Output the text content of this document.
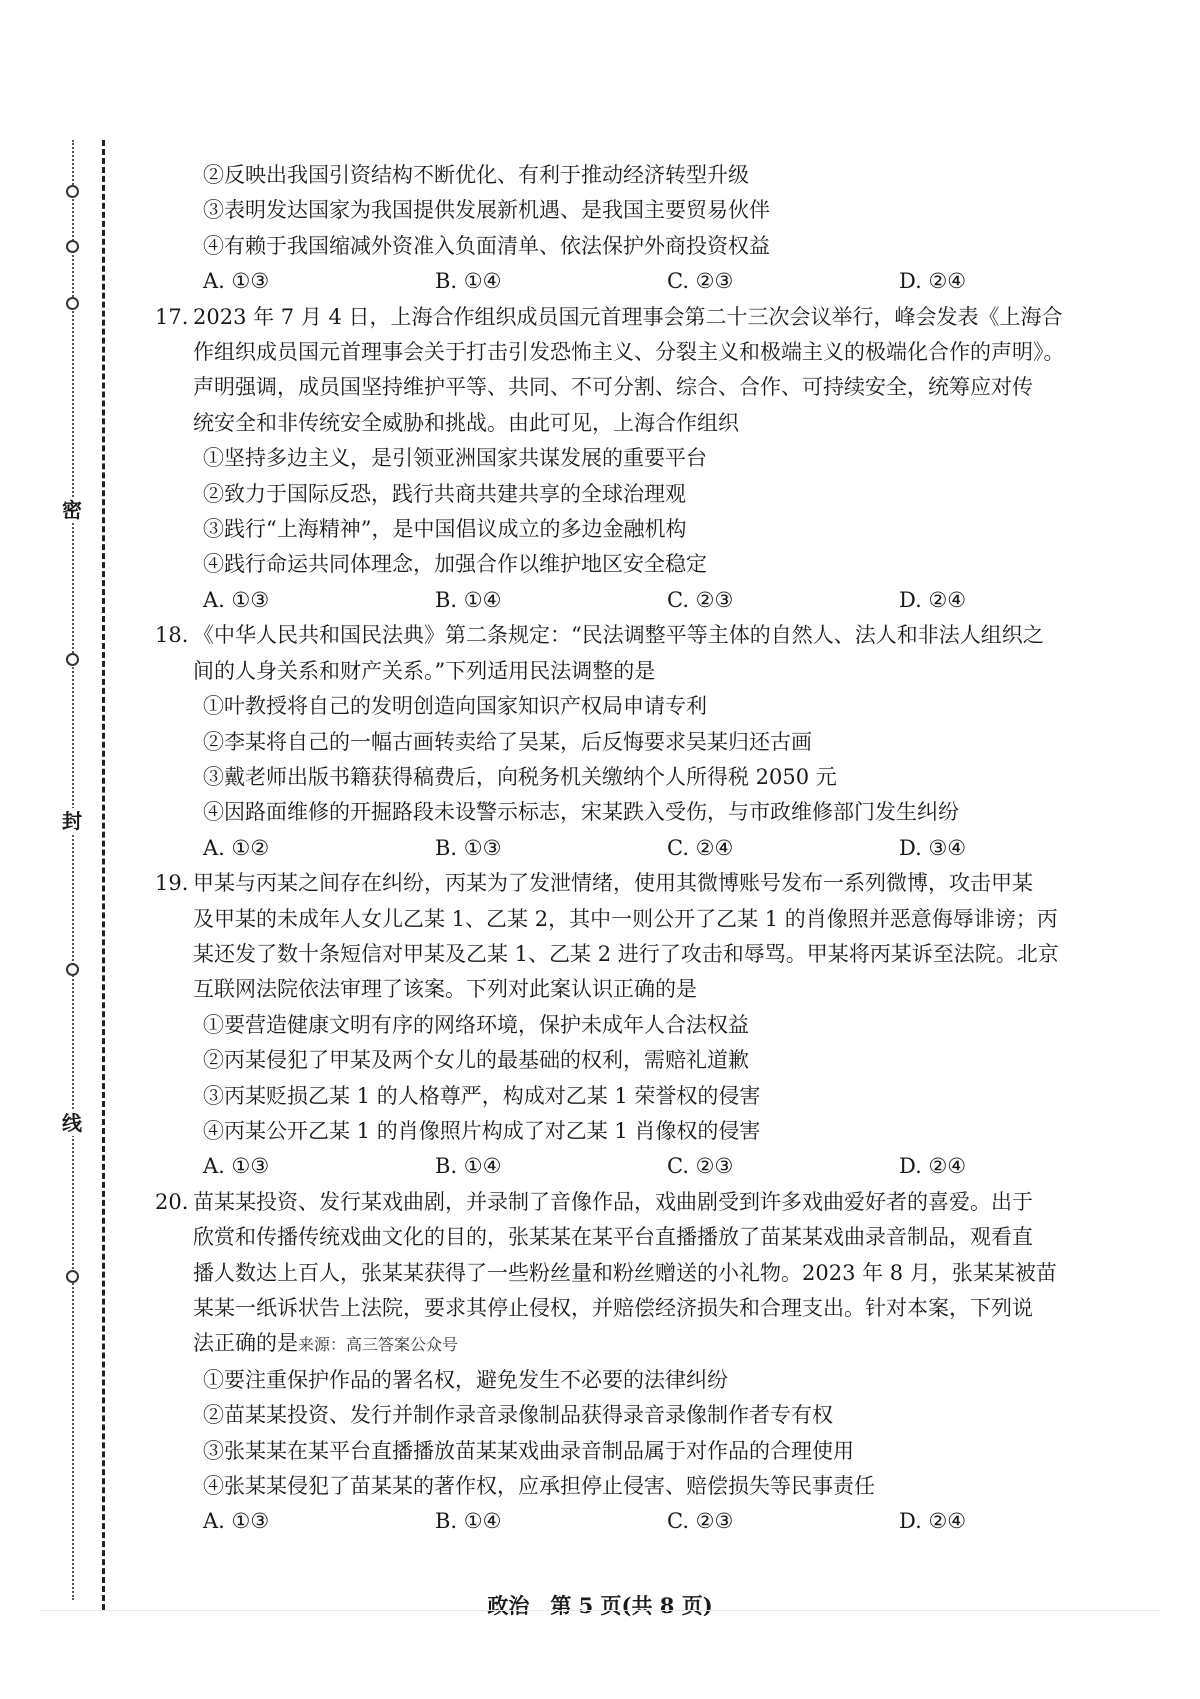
密
封
线
②反映出我国引资结构不断优化、有利于推动经济转型升级
③表明发达国家为我国提供发展新机遇、是我国主要贸易伙伴
④有赖于我国缩减外资准入负面清单、依法保护外商投资权益
A. ①③	B. ①④	C. ②③	D. ②④
17. 2023 年 7 月 4 日，上海合作组织成员国元首理事会第二十三次会议举行，峰会发表《上海合
作组织成员国元首理事会关于打击引发恐怖主义、分裂主义和极端主义的极端化合作的声明》。
声明强调，成员国坚持维护平等、共同、不可分割、综合、合作、可持续安全，统筹应对传
统安全和非传统安全威胁和挑战。由此可见，上海合作组织
①坚持多边主义，是引领亚洲国家共谋发展的重要平台
②致力于国际反恐，践行共商共建共享的全球治理观
③践行“上海精神”，是中国倡议成立的多边金融机构
④践行命运共同体理念，加强合作以维护地区安全稳定
A. ①③	B. ①④	C. ②③	D. ②④
18. 《中华人民共和国民法典》第二条规定：“民法调整平等主体的自然人、法人和非法人组织之
间的人身关系和财产关系。”下列适用民法调整的是
①叶教授将自己的发明创造向国家知识产权局申请专利
②李某将自己的一幅古画转卖给了吴某，后反悔要求吴某归还古画
③戴老师出版书籍获得稿费后，向税务机关缴纳个人所得税 2050 元
④因路面维修的开掘路段未设警示标志，宋某跌入受伤，与市政维修部门发生纠纷
A. ①②	B. ①③	C. ②④	D. ③④
19. 甲某与丙某之间存在纠纷，丙某为了发泄情绪，使用其微博账号发布一系列微博，攻击甲某
及甲某的未成年人女儿乙某 1、乙某 2，其中一则公开了乙某 1 的肖像照并恶意侮辱诽谤；丙
某还发了数十条短信对甲某及乙某 1、乙某 2 进行了攻击和辱骂。甲某将丙某诉至法院。北京
互联网法院依法审理了该案。下列对此案认识正确的是
①要营造健康文明有序的网络环境，保护未成年人合法权益
②丙某侵犯了甲某及两个女儿的最基础的权利，需赔礼道歉
③丙某贬损乙某 1 的人格尊严，构成对乙某 1 荣誉权的侵害
④丙某公开乙某 1 的肖像照片构成了对乙某 1 肖像权的侵害
A. ①③	B. ①④	C. ②③	D. ②④
20. 苗某某投资、发行某戏曲剧，并录制了音像作品，戏曲剧受到许多戏曲爱好者的喜爱。出于
欣赏和传播传统戏曲文化的目的，张某某在某平台直播播放了苗某某戏曲录音制品，观看直
播人数达上百人，张某某获得了一些粉丝量和粉丝赠送的小礼物。2023 年 8 月，张某某被苗
某某一纸诉状告上法院，要求其停止侵权，并赔偿经济损失和合理支出。针对本案，下列说
法正确的是来源：高三答案公众号
①要注重保护作品的署名权，避免发生不必要的法律纠纷
②苗某某投资、发行并制作录音录像制品获得录音录像制作者专有权
③张某某在某平台直播播放苗某某戏曲录音制品属于对作品的合理使用
④张某某侵犯了苗某某的著作权，应承担停止侵害、赔偿损失等民事责任
A. ①③	B. ①④	C. ②③	D. ②④
政治　第 5 页(共 8 页)
